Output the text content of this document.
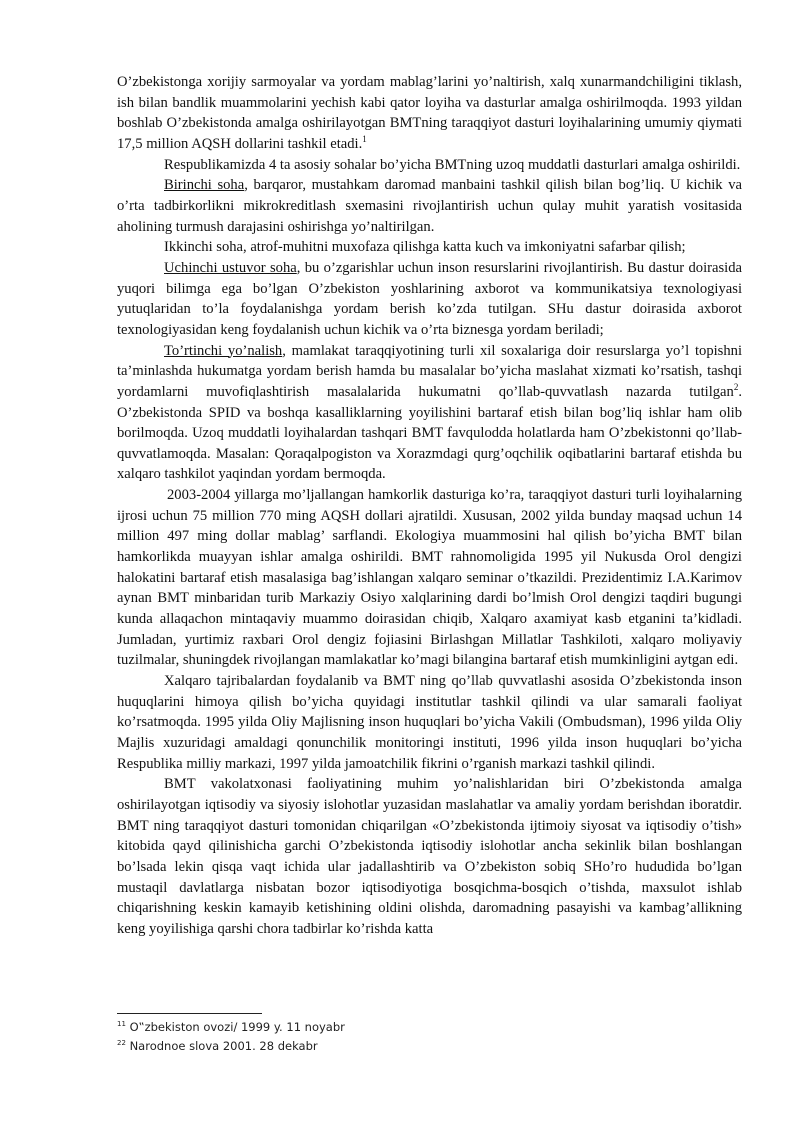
O’zbekistonga xorijiy sarmoyalar va yordam mablag’larini yo’naltirish, xalq xunarmandchiligini tiklash, ish bilan bandlik muammolarini yechish kabi qator loyiha va dasturlar amalga oshirilmoqda. 1993 yildan boshlab O’zbekistonda amalga oshirilayotgan BMTning taraqqiyot dasturi loyihalarining umumiy qiymati 17,5 million AQSH dollarini tashkil etadi.$^1$

Respublikamizda 4 ta asosiy sohalar bo’yicha BMTning uzoq muddatli dasturlari amalga oshirildi.

Birinchi soha, barqaror, mustahkam daromad manbaini tashkil qilish bilan bog’liq. U kichik va o’rta tadbirkorlikni mikrokreditlash sxemasini rivojlantirish uchun qulay muhit yaratish vositasida aholining turmush darajasini oshirishga yo’naltirilgan.

Ikkinchi soha, atrof-muhitni muxofaza qilishga katta kuch va imkoniyatni safarbar qilish;

Uchinchi ustuvor soha, bu o’zgarishlar uchun inson resurslarini rivojlantirish. Bu dastur doirasida yuqori bilimga ega bo’lgan O’zbekiston yoshlarining axborot va kommunikatsiya texnologiyasi yutuqlaridan to’la foydalanishga yordam berish ko’zda tutilgan. SHu dastur doirasida axborot texnologiyasidan keng foydalanish uchun kichik va o’rta biznesga yordam beriladi;

To’rtinchi yo’nalish, mamlakat taraqqiyotining turli xil soxalariga doir resurslarga yo’l topishni ta’minlashda hukumatga yordam berish hamda bu masalalar bo’yicha maslahat xizmati ko’rsatish, tashqi yordamlarni muvofiqlashtirish masalalarida hukumatni qo’llab-quvvatlash nazarda tutilgan$^2$. O’zbekistonda SPID va boshqa kasalliklarning yoyilishini bartaraf etish bilan bog’liq ishlar ham olib borilmoqda. Uzoq muddatli loyihalardan tashqari BMT favqulodda holatlarda ham O’zbekistonni qo’llab-quvvatlamoqda. Masalan: Qoraqalpogiston va Xorazmdagi qurg’oqchilik oqibatlarini bartaraf etishda bu xalqaro tashkilot yaqindan yordam bermoqda.

2003-2004 yillarga mo’ljallangan hamkorlik dasturiga ko’ra, taraqqiyot dasturi turli loyihalarning ijrosi uchun 75 million 770 ming AQSH dollari ajratildi. Xususan, 2002 yilda bunday maqsad uchun 14 million 497 ming dollar mablag’ sarflandi. Ekologiya muammosini hal qilish bo’yicha BMT bilan hamkorlikda muayyan ishlar amalga oshirildi. BMT rahnomoligida 1995 yil Nukusda Orol dengizi halokatini bartaraf etish masalasiga bag’ishlangan xalqaro seminar o’tkazildi. Prezidentimiz I.A.Karimov aynan BMT minbaridan turib Markaziy Osiyo xalqlarining dardi bo’lmish Orol dengizi taqdiri bugungi kunda allaqachon mintaqaviy muammo doirasidan chiqib, Xalqaro axamiyat kasb etganini ta’kidladi. Jumladan, yurtimiz raxbari Orol dengiz fojiasini Birlashgan Millatlar Tashkiloti, xalqaro moliyaviy tuzilmalar, shuningdek rivojlangan mamlakatlar ko’magi bilangina bartaraf etish mumkinligini aytgan edi.

Xalqaro tajribalardan foydalanib va BMT ning qo’llab quvvatlashi asosida O’zbekistonda inson huquqlarini himoya qilish bo’yicha quyidagi institutlar tashkil qilindi va ular samarali faoliyat ko’rsatmoqda. 1995 yilda Oliy Majlisning inson huquqlari bo’yicha Vakili (Ombudsman), 1996 yilda Oliy Majlis xuzuridagi amaldagi qonunchilik monitoringi instituti, 1996 yilda inson huquqlari bo’yicha Respublika milliy markazi, 1997 yilda jamoatchilik fikrini o’rganish markazi tashkil qilindi.

BMT vakolatxonasi faoliyatining muhim yo’nalishlaridan biri O’zbekistonda amalga oshirilayotgan iqtisodiy va siyosiy islohotlar yuzasidan maslahatlar va amaliy yordam berishdan iboratdir. BMT ning taraqqiyot dasturi tomonidan chiqarilgan «O’zbekistonda ijtimoiy siyosat va iqtisodiy o’tish» kitobida qayd qilinishicha garchi O’zbekistonda iqtisodiy islohotlar ancha sekinlik bilan boshlangan bo’lsada lekin qisqa vaqt ichida ular jadallashtirib va O’zbekiston sobiq SHo’ro hududida bo’lgan mustaqil davlatlarga nisbatan bozor iqtisodiyotiga bosqichma-bosqich o’tishda, maxsulot ishlab chiqarishning keskin kamayib ketishining oldini olishda, daromadning pasayishi va kambag’allikning keng yoyilishiga qarshi chora tadbirlar ko’rishda katta

$^{11}$ O‟zbekiston ovozi/ 1999 y. 11 noyabr

$^{22}$ Narodnoe slova 2001. 28 dekabr
